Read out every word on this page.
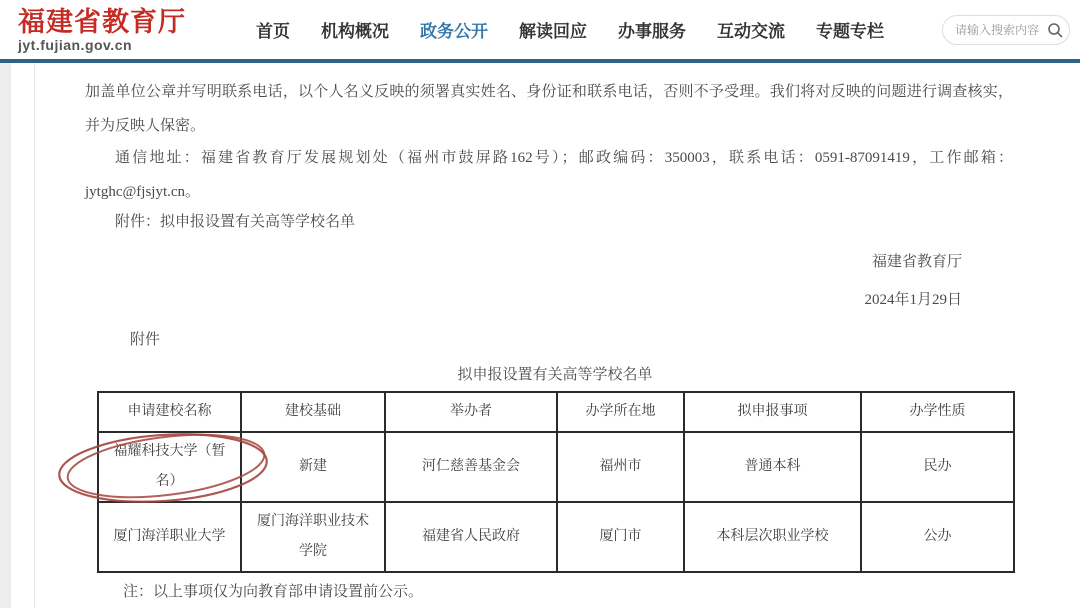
福建省教育厅
jyt.fujian.gov.cn
首页 机构概况 政务公开 解读回应 办事服务 互动交流 专题专栏
请输入搜索内容

加盖单位公章并写明联系电话，以个人名义反映的须署真实姓名、身份证和联系电话，否则不予受理。我们将对反映的问题进行调查核实，并为反映人保密。

通信地址：福建省教育厅发展规划处（福州市鼓屏路162号）；邮政编码：350003，联系电话：0591-87091419，工作邮箱：jytghc@fjsjyt.cn。

附件：拟申报设置有关高等学校名单

福建省教育厅
2024年1月29日
附件
拟申报设置有关高等学校名单
申请建校名称	建校基础	举办者	办学所在地	拟申报事项	办学性质
福耀科技大学（暂名）	新建	河仁慈善基金会	福州市	普通本科	民办
厦门海洋职业大学	厦门海洋职业技术学院	福建省人民政府	厦门市	本科层次职业学校	公办

注：以上事项仅为向教育部申请设置前公示。
